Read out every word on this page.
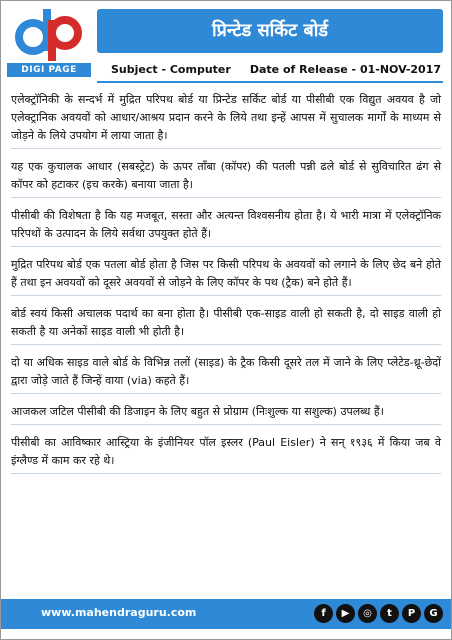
DIGI PAGE
प्रिन्टेड सर्किट बोर्ड
Subject - Computer Date of Release - 01-NOV-2017

एलेक्ट्रॉनिकी के सन्दर्भ में मुद्रित परिपथ बोर्ड या प्रिन्टेड सर्किट बोर्ड या पीसीबी एक विद्युत अवयव है जो एलेक्ट्रानिक अवयवों को आधार/आश्रय प्रदान करने के लिये तथा इन्हें आपस में सुचालक मार्गों के माध्यम से जोड़ने के लिये उपयोग में लाया जाता है।

यह एक कुचालक आधार (सबस्ट्रेट) के ऊपर ताँबा (कॉपर) की पतली पन्नी ढले बोर्ड से सुविचारित ढंग से कॉपर को हटाकर (इच करके) बनाया जाता है।

पीसीबी की विशेषता है कि यह मजबूत, सस्ता और अत्यन्त विश्वसनीय होता है। ये भारी मात्रा में एलेक्ट्रॉनिक परिपथों के उत्पादन के लिये सर्वथा उपयुक्त होते हैं।

मुद्रित परिपथ बोर्ड एक पतला बोर्ड होता है जिस पर किसी परिपथ के अवयवों को लगाने के लिए छेद बने होते हैं तथा इन अवयवों को दूसरे अवयवों से जोड़ने के लिए कॉपर के पथ (ट्रैक) बने होते हैं।

बोर्ड स्वयं किसी अचालक पदार्थ का बना होता है। पीसीबी एक-साइड वाली हो सकती है, दो साइड वाली हो सकती है या अनेकों साइड वाली भी होती है।

दो या अधिक साइड वाले बोर्ड के विभिन्न तलों (साइड) के ट्रैक किसी दूसरे तल में जाने के लिए प्लेटेड-थ्रू-छेदों द्वारा जोड़े जाते हैं जिन्हें वाया (via) कहते हैं।

आजकल जटिल पीसीबी की डिजाइन के लिए बहुत से प्रोग्राम (निःशुल्क या सशुल्क) उपलब्ध हैं।

पीसीबी का आविष्कार आस्ट्रिया के इंजीनियर पॉल इस्लर (Paul Eisler) ने सन् १९३६ में किया जब वे इंग्लैण्ड में काम कर रहे थे।

www.mahendraguru.com	f	▶	◎	t	P	G
